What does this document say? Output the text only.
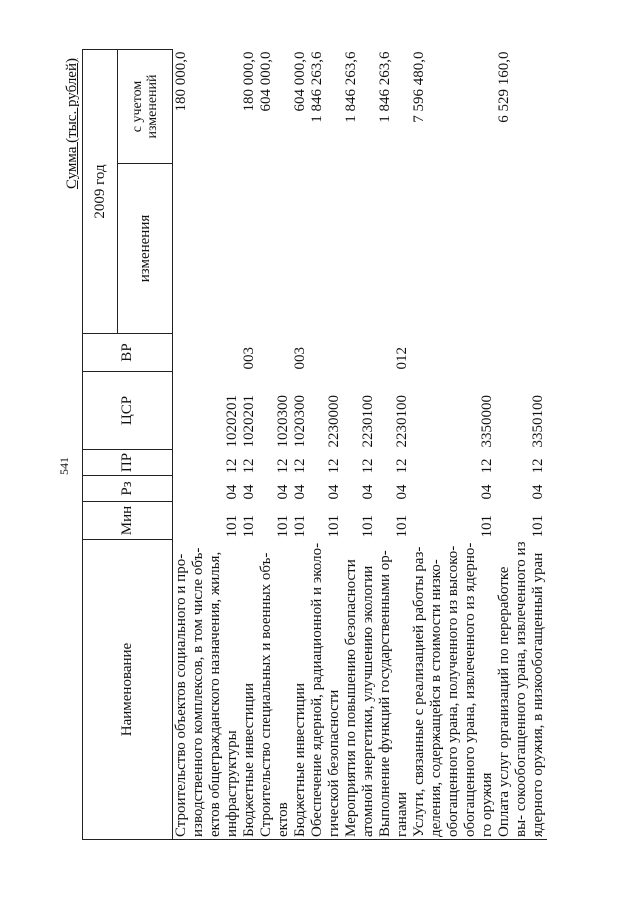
541
Сумма (тыс. рублей)
Наименование	Мин	Рз	ПР	ЦСР	ВР	2009 год	
						изменения	с учетом изменений
Строительство объектов социального и про- изводственного комплексов, в том числе объ- ектов общегражданского назначения, жилья, инфраструктуры	101	04	12	1020201			180 000,0
Бюджетные инвестиции	101	04	12	1020201	003		180 000,0
Строительство специальных и военных объ- ектов	101	04	12	1020300			604 000,0
Бюджетные инвестиции	101	04	12	1020300	003		604 000,0
Обеспечение ядерной, радиационной и эколо- гической безопасности	101	04	12	2230000			1 846 263,6
Мероприятия по повышению безопасности атомной энергетики, улучшению экологии	101	04	12	2230100			1 846 263,6
Выполнение функций государственными ор- ганами	101	04	12	2230100	012		1 846 263,6
Услуги, связанные с реализацией работы раз- деления, содержащейся в стоимости низко- обогащенного урана, полученного из высоко- обогащенного урана, извлеченного из ядерно- го оружия	101	04	12	3350000			7 596 480,0
Оплата услуг организаций по переработке вы- сокообогащенного урана, извлеченного из ядерного оружия, в низкообогащенный уран	101	04	12	3350100			6 529 160,0
